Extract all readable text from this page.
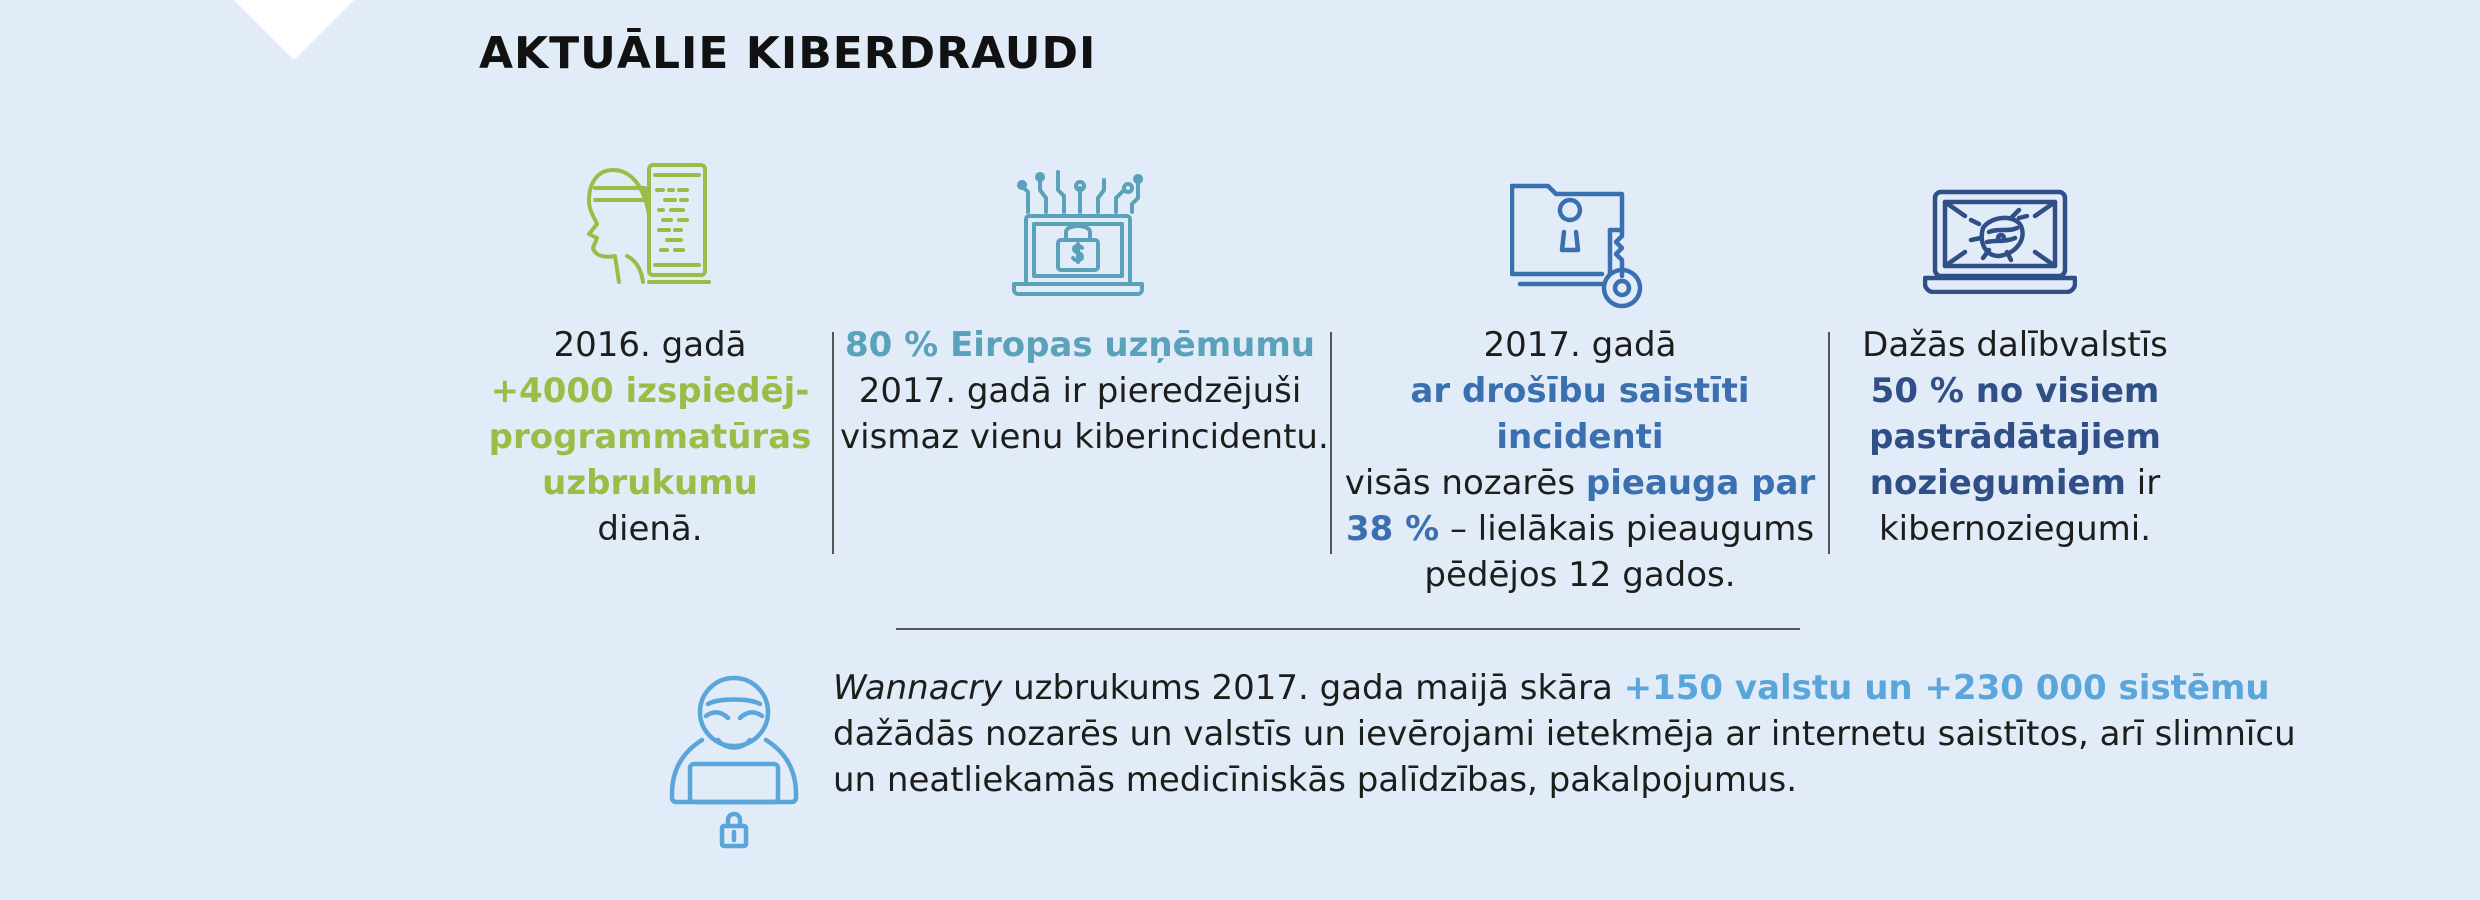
AKTUĀLIE KIBERDRAUDI
2016. gadā
+4000 izspiedēj-
programmatūras
uzbrukumu
dienā.
80 % Eiropas uzņēmumu
2017. gadā ir pieredzējuši
vismaz vienu kiberincidentu.
2017. gadā
ar drošību saistīti
incidenti
visās nozarēs pieauga par
38 % – lielākais pieaugums
pēdējos 12 gados.
Dažās dalībvalstīs
50 % no visiem
pastrādātajiem
noziegumiem ir
kibernoziegumi.
Wannacry uzbrukums 2017. gada maijā skāra +150 valstu un +230 000 sistēmu
dažādās nozarēs un valstīs un ievērojami ietekmēja ar internetu saistītos, arī slimnīcu
un neatliekamās medicīniskās palīdzības, pakalpojumus.
